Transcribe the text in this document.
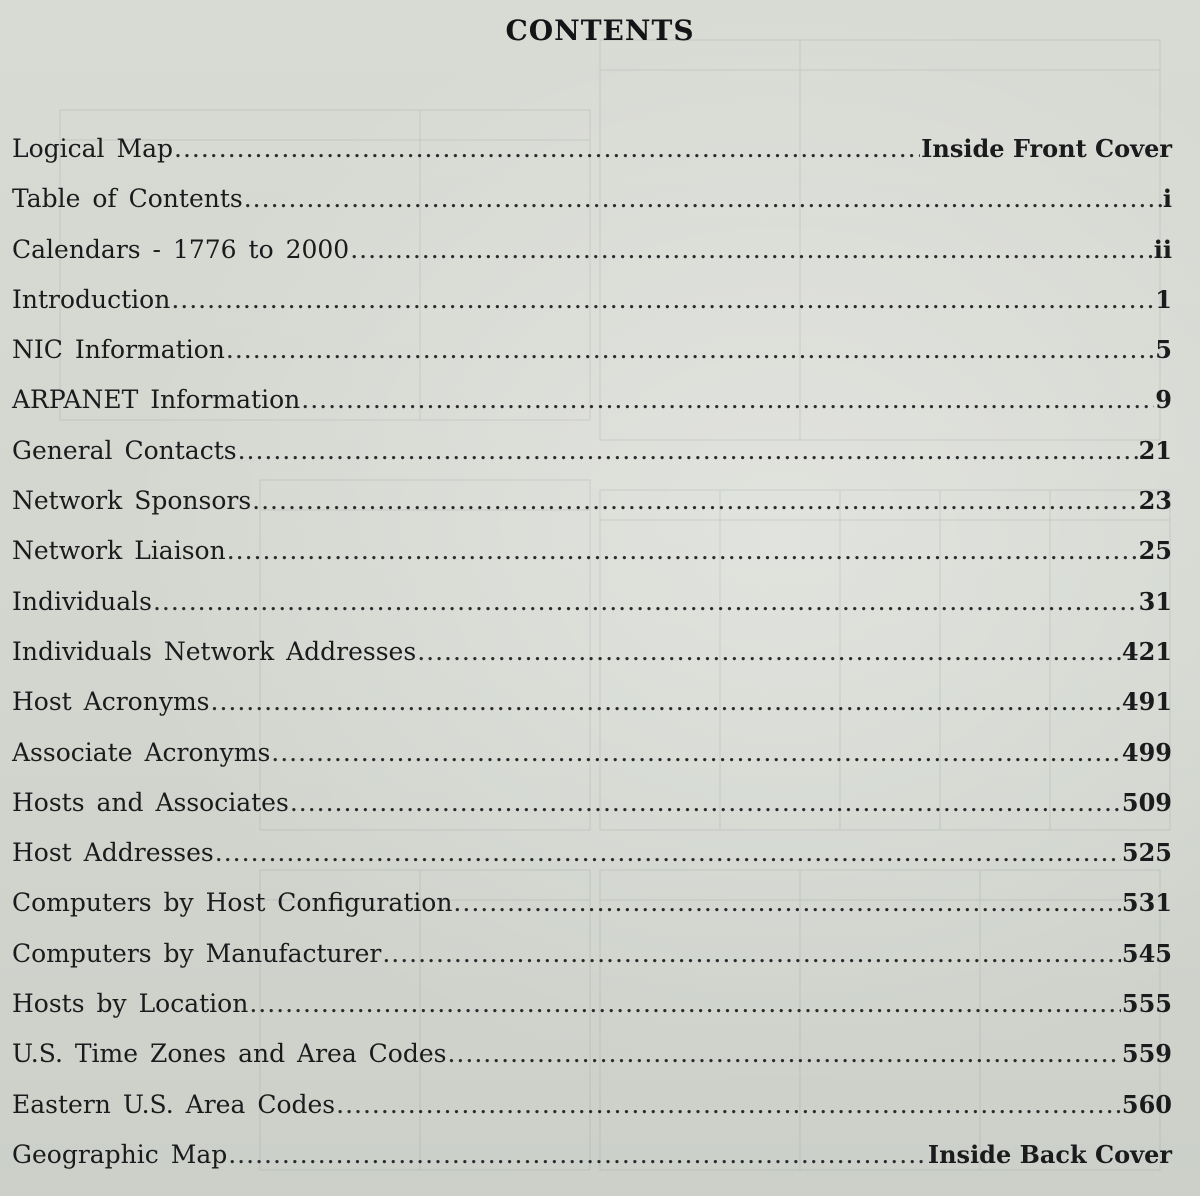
CONTENTS
Logical Map .....	Inside Front Cover
Table of Contents .....	i
Calendars - 1776 to 2000 .....	ii
Introduction .....	1
NIC Information .....	5
ARPANET Information .....	9
General Contacts .....	21
Network Sponsors .....	23
Network Liaison .....	25
Individuals .....	31
Individuals Network Addresses .....	421
Host Acronyms .....	491
Associate Acronyms .....	499
Hosts and Associates .....	509
Host Addresses .....	525
Computers by Host Configuration .....	531
Computers by Manufacturer .....	545
Hosts by Location .....	555
U.S. Time Zones and Area Codes .....	559
Eastern U.S. Area Codes .....	560
Geographic Map .....	Inside Back Cover
